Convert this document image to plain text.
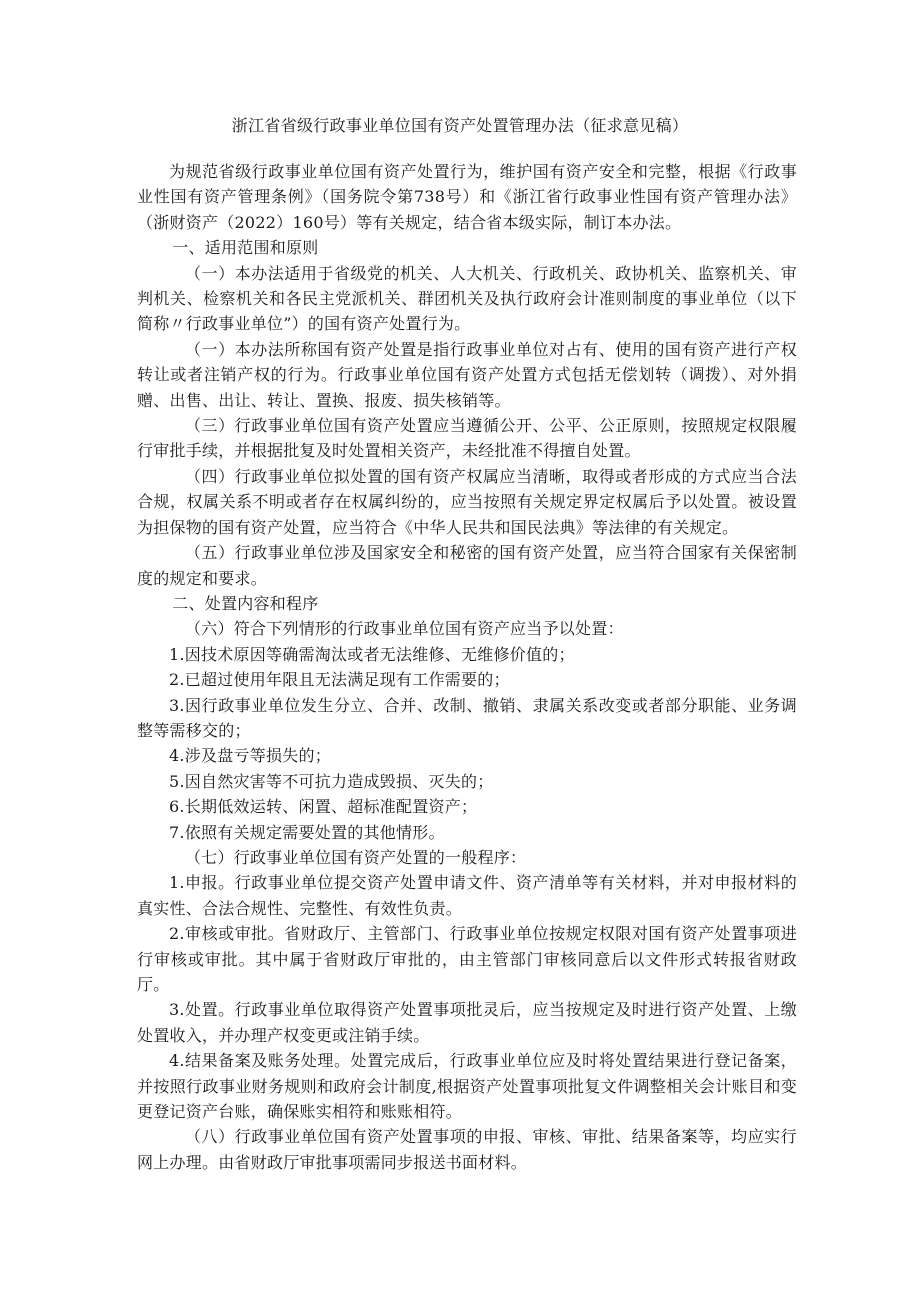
浙江省省级行政事业单位国有资产处置管理办法（征求意见稿）

为规范省级行政事业单位国有资产处置行为，维护国有资产安全和完整，根据《行政事业性国有资产管理条例》（国务院令第738号）和《浙江省行政事业性国有资产管理办法》（浙财资产（2022）160号）等有关规定，结合省本级实际，制订本办法。

一、适用范围和原则

（一）本办法适用于省级党的机关、人大机关、行政机关、政协机关、监察机关、审判机关、检察机关和各民主党派机关、群团机关及执行政府会计准则制度的事业单位（以下简称〃行政事业单位”）的国有资产处置行为。

（一）本办法所称国有资产处置是指行政事业单位对占有、使用的国有资产进行产权转让或者注销产权的行为。行政事业单位国有资产处置方式包括无偿划转（调拨）、对外捐赠、出售、出让、转让、置换、报废、损失核销等。

（三）行政事业单位国有资产处置应当遵循公开、公平、公正原则，按照规定权限履行审批手续，并根据批复及时处置相关资产，未经批准不得擅自处置。

（四）行政事业单位拟处置的国有资产权属应当清晰，取得或者形成的方式应当合法合规，权属关系不明或者存在权属纠纷的，应当按照有关规定界定权属后予以处置。被设置为担保物的国有资产处置，应当符合《中华人民共和国民法典》等法律的有关规定。

（五）行政事业单位涉及国家安全和秘密的国有资产处置，应当符合国家有关保密制度的规定和要求。

二、处置内容和程序

（六）符合下列情形的行政事业单位国有资产应当予以处置：

1.因技术原因等确需淘汰或者无法维修、无维修价值的；

2.已超过使用年限且无法满足现有工作需要的；

3.因行政事业单位发生分立、合并、改制、撤销、隶属关系改变或者部分职能、业务调整等需移交的；

4.涉及盘亏等损失的；

5.因自然灾害等不可抗力造成毁损、灭失的；

6.长期低效运转、闲置、超标准配置资产；

7.依照有关规定需要处置的其他情形。

（七）行政事业单位国有资产处置的一般程序：

1.申报。行政事业单位提交资产处置申请文件、资产清单等有关材料，并对申报材料的真实性、合法合规性、完整性、有效性负责。

2.审核或审批。省财政厅、主管部门、行政事业单位按规定权限对国有资产处置事项进行审核或审批。其中属于省财政厅审批的，由主管部门审核同意后以文件形式转报省财政厅。

3.处置。行政事业单位取得资产处置事项批灵后，应当按规定及时进行资产处置、上缴处置收入，并办理产权变更或注销手续。

4.结果备案及账务处理。处置完成后，行政事业单位应及时将处置结果进行登记备案，并按照行政事业财务规则和政府会计制度,根据资产处置事项批复文件调整相关会计账目和变更登记资产台账，确保账实相符和账账相符。

（八）行政事业单位国有资产处置事项的申报、审核、审批、结果备案等，均应实行网上办理。由省财政厅审批事项需同步报送书面材料。
